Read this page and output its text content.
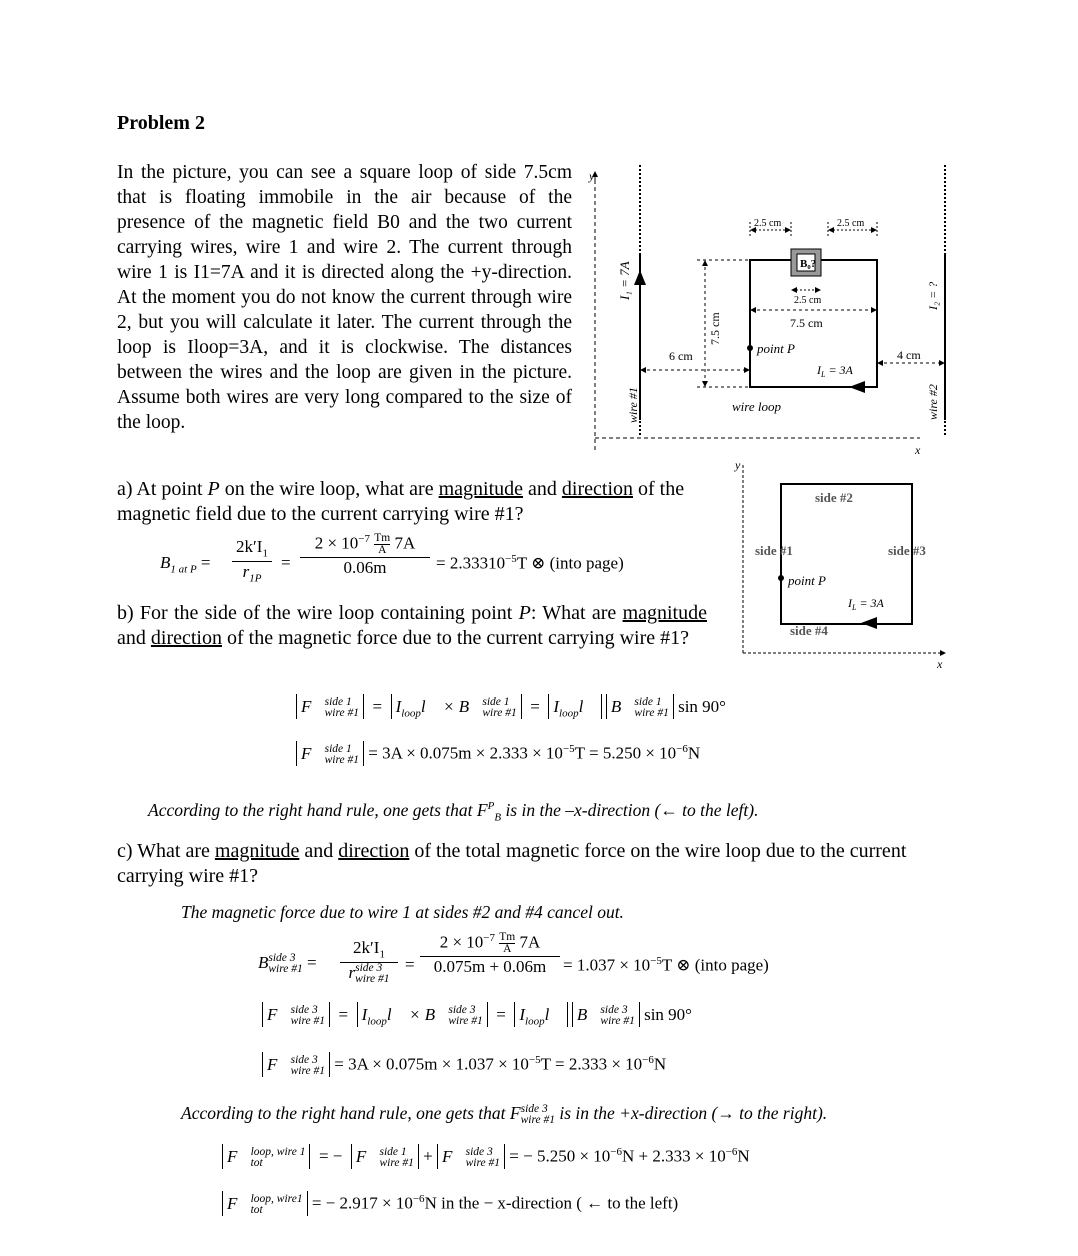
Problem 2
In the picture, you can see a square loop of side 7.5cm that is floating immobile in the air because of the presence of the magnetic field B0 and the two current carrying wires, wire 1 and wire 2. The current through wire 1 is I1=7A and it is directed along the +y-direction. At the moment you do not know the current through wire 2, but you will calculate it later. The current through the loop is Iloop=3A, and it is clockwise. The distances between the wires and the loop are given in the picture. Assume both wires are very long compared to the size of the loop.
y
x
I₁ = 7A
wire #1
I₂ = ?
wire #2
B₀?
2.5 cm	2.5 cm
2.5 cm
7.5 cm
7.5 cm
6 cm	4 cm
point P
$I_L = 3A$
wire loop
a) At point P on the wire loop, what are magnitude and direction of the magnetic field due to the current carrying wire #1?
y
x
side #2
side #1	side #3
side #4
point P
$I_L = 3A$
$B_{1 at P} = \frac{2k'I_1}{r_{1P}}$ =
$2 \times 10^{-7} \frac{Tm}{A} 7A$
0.06m	= $2.33310^{-5}T$ ⊗ (into page)
b) For the side of the wire loop containing point P: What are magnitude and direction of the magnetic force due to the current carrying wire #1?
F⃗ side 1
wire #1 =  $I_{loop}l⃗$ × B⃗ side 1
wire #1 =  $I_{loop}l⃗$ B⃗ side 1
wire #1 sin 90°
F⃗ side 1
wire #1 = $3A \times 0.075m \times 2.333 \times 10^{-5}T = 5.250 \times 10^{-6}N$
According to the right hand rule, one gets that $F^P_B$ is in the –x-direction (← to the left).
c) What are magnitude and direction of the total magnetic force on the wire loop due to the current carrying wire #1?
The magnetic force due to wire 1 at sides #2 and #4 cancel out.
B side 3
wire #1 =
$2k'I_1$
r side 3
wire #1
=
$2 \times 10^{-7} \frac{Tm}{A} 7A$
$0.075m + 0.06m = 1.037 \times 10^{-5}T$ ⊗ (into page)
F⃗ side 3
wire #1 =  $I_{loop}l⃗$ × B⃗ side 3
wire #1 =  $I_{loop}l⃗$ B⃗ side 3
wire #1 sin 90°
F⃗ side 3
wire #1 = $3A \times 0.075m \times 1.037 \times 10^{-5}T = 2.333 \times 10^{-6}N$
According to the right hand rule, one gets that F side 3
wire #1 is in the +x-direction (→ to the right).
F⃗ loop, wire 1
tot	= −  F⃗ side 1
wire #1 + F⃗ side 3
wire #1 = − $5.250 \times 10^{-6}N + 2.333 \times 10^{-6}N$
F⃗ loop, wire1
tot	= − $2.917 \times 10^{-6}N$ in the − x-direction ( ← to the left)
